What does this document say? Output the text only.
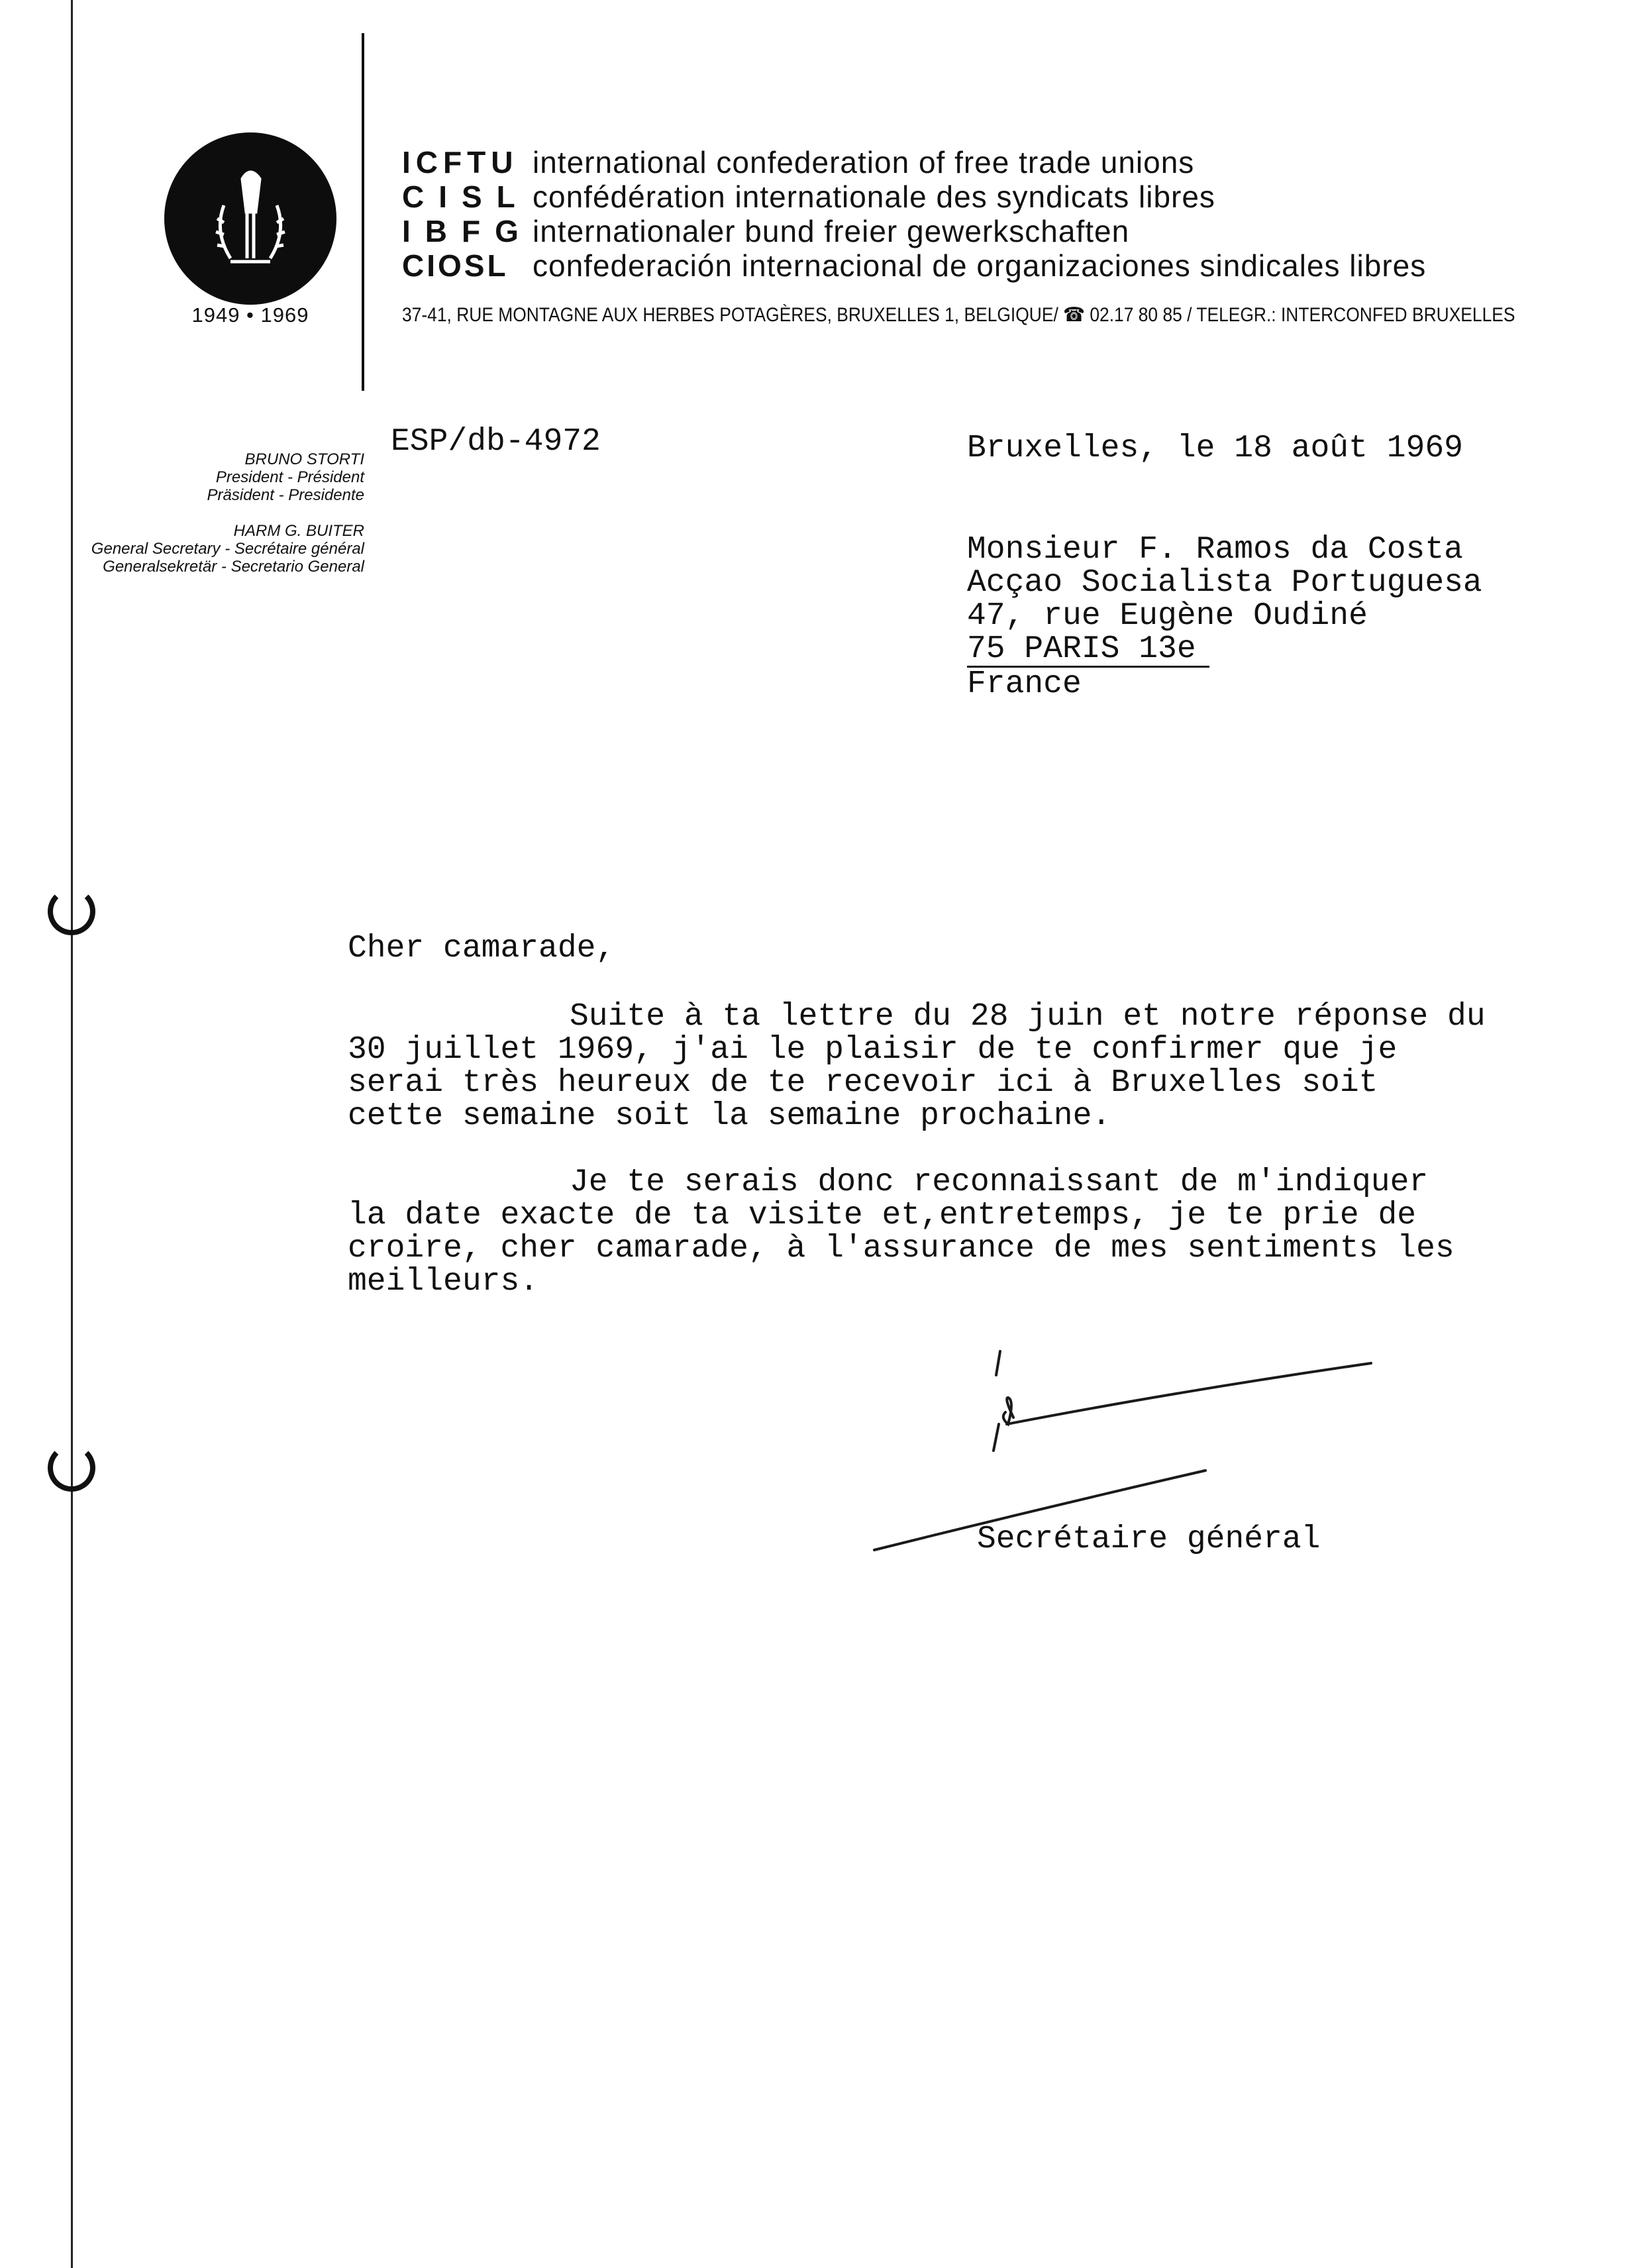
1949 • 1969
ICFTU international confederation of free trade unions
CISLconfédération internationale des syndicats libres
IBFGinternationaler bund freier gewerkschaften
CIOSL confederación internacional de organizaciones sindicales libres
37-41, RUE MONTAGNE AUX HERBES POTAGÈRES, BRUXELLES 1, BELGIQUE/ ☎ 02.17 80 85 / TELEGR.: INTERCONFED BRUXELLES
BRUNO STORTI
President - Président
Präsident - Presidente
HARM G. BUITER
General Secretary - Secrétaire général
Generalsekretär - Secretario General
ESP/db-4972	Bruxelles, le 18 août 1969
Monsieur F. Ramos da Costa
Acçao Socialista Portuguesa
47, rue Eugène Oudiné
75 PARIS 13e
France
Cher camarade,
Suite à ta lettre du 28 juin et notre réponse du
30 juillet 1969, j'ai le plaisir de te confirmer que je
serai très heureux de te recevoir ici à Bruxelles soit
cette semaine soit la semaine prochaine.
Je te serais donc reconnaissant de m'indiquer
la date exacte de ta visite et,entretemps, je te prie de
croire, cher camarade, à l'assurance de mes sentiments les
meilleurs.
Secrétaire général
